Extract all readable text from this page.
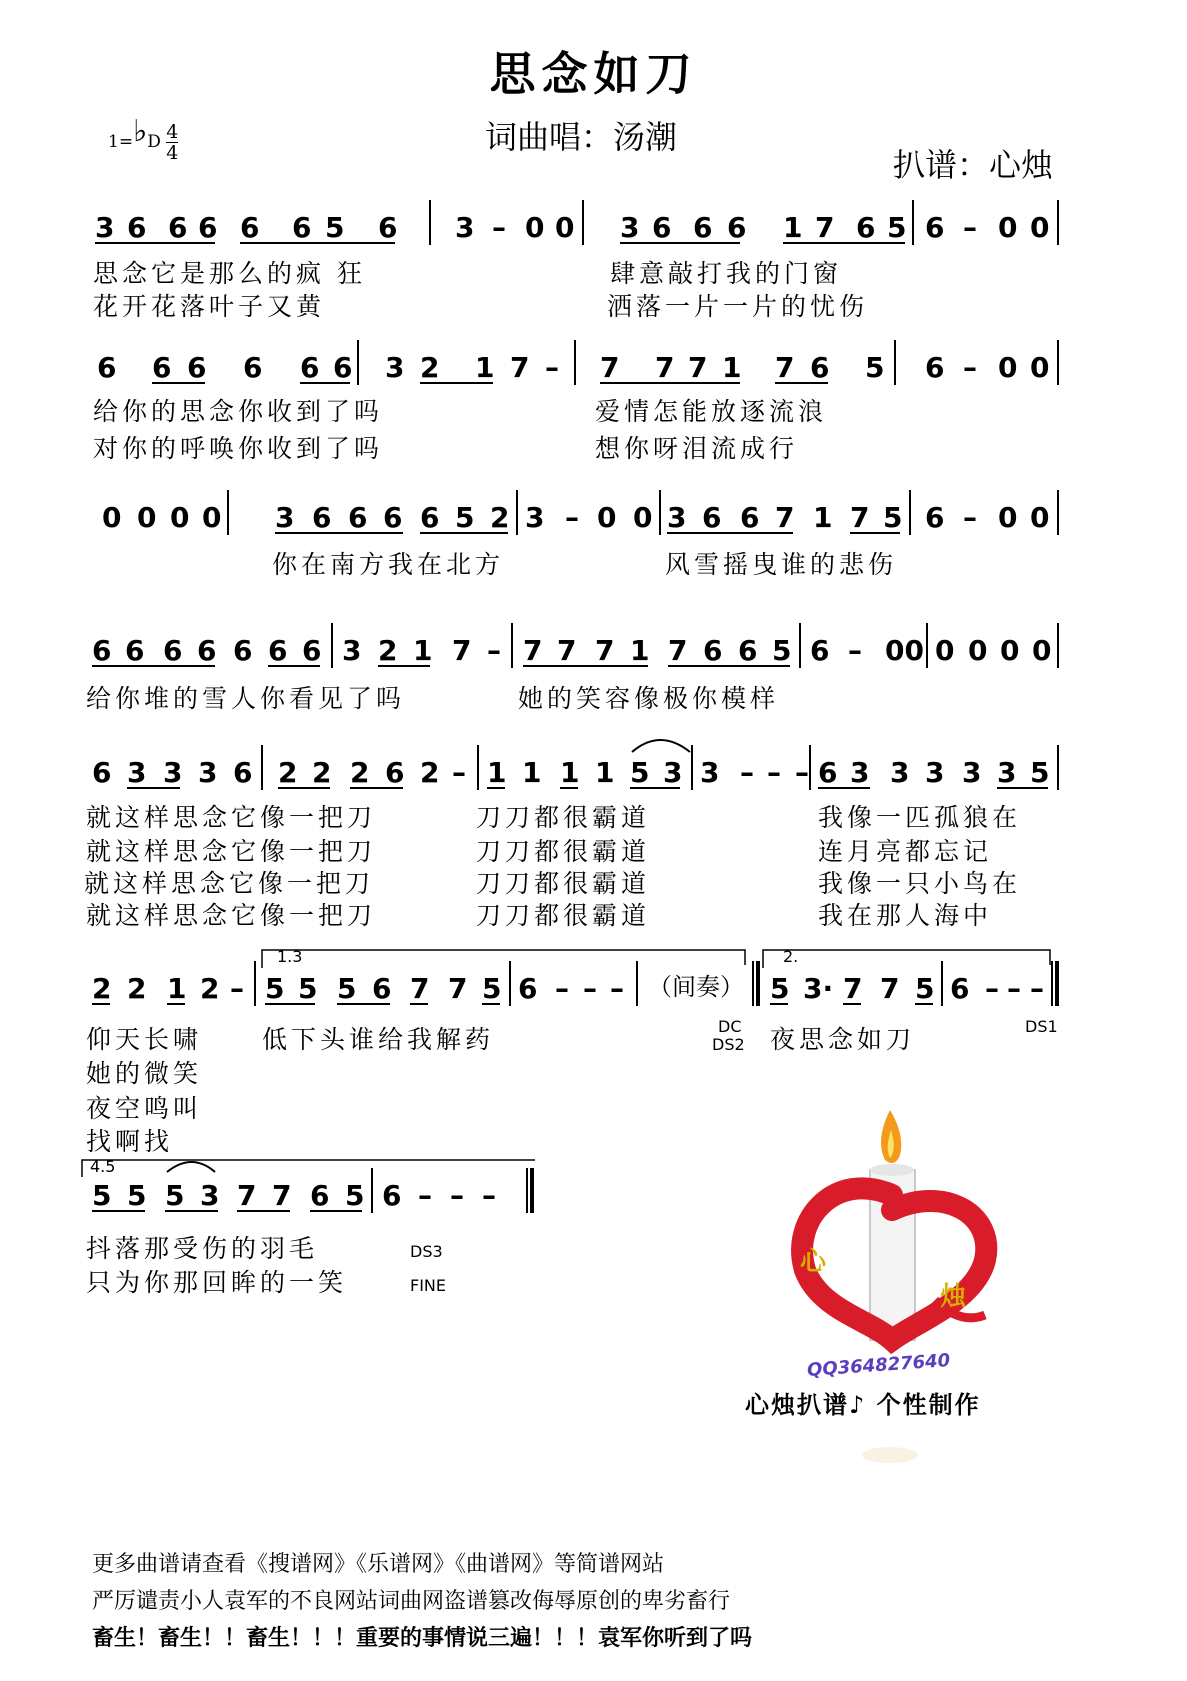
思念如刀
词曲唱：汤潮
扒谱：心烛
1=♭D $\frac{4}{4}$
3 6 6 6 6 6 5 6 3 – 0 0 3 6 6 6 1 7 6 5 6 – 0 0
6 6 6 6 6 6 3 2 1 7 – 7 7 7 1 7 6 5 6 – 0 0
0 0 0 0 3 6 6 6 6 5 2 3 – 0 0 3 6 6 7 1 7 5 6 – 0 0
6 6 6 6 6 6 6 3 2 1 7 – 7 7 7 1 7 6 6 5 6 – 00 0 0 0 0
6 3 3 3 6 2 2 2 6 2 – 1 1 1 1 5 3 3 – – – 6 3 3 3 3 3 5
1.3	2.
2 2 1 2 – 5 5 5 6 7 7 5 6 – – – （间奏）
DC
DS2
5 3· 7 7 5 6 – – –
DS1
4.5
5 5 5 3 7 7 6 5 6 – – –
思念它是那么的疯 狂	肆意敲打我的门窗
花开花落叶子又黄	洒落一片一片的忧伤
给你的思念你收到了吗	爱情怎能放逐流浪
对你的呼唤你收到了吗	想你呀泪流成行
你在南方我在北方	风雪摇曳谁的悲伤
给你堆的雪人你看见了吗	她的笑容像极你模样
就这样思念它像一把刀	刀刀都很霸道	我像一匹孤狼在
就这样思念它像一把刀	刀刀都很霸道	连月亮都忘记
就这样思念它像一把刀	刀刀都很霸道	我像一只小鸟在
就这样思念它像一把刀	刀刀都很霸道	我在那人海中
仰天长啸 低下头谁给我解药	夜思念如刀
她的微笑
夜空鸣叫
找啊找
抖落那受伤的羽毛	DS3
只为你那回眸的一笑	FINE
心
烛
QQ364827640
心烛扒谱♪ 个性制作
更多曲谱请查看《搜谱网》《乐谱网》《曲谱网》等简谱网站
严厉谴责小人袁军的不良网站词曲网盗谱篡改侮辱原创的卑劣畜行
畜生！畜生！！畜生！！！重要的事情说三遍！！！袁军你听到了吗
